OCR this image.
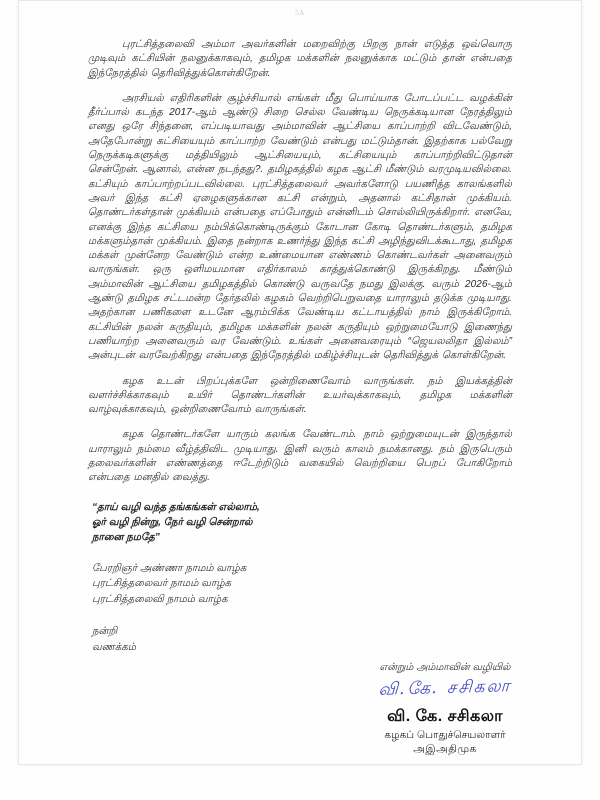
5A

புரட்சித்தலைவி அம்மா அவர்களின் மறைவிற்கு பிறகு நான் எடுத்த ஒவ்வொரு முடிவும் கட்சியின் நலனுக்காகவும், தமிழக மக்களின் நலனுக்காக மட்டும் தான் என்பதை இந்நேரத்தில் தெரிவித்துக்கொள்கிறேன்.

அரசியல் எதிரிகளின் சூழ்ச்சியால் எங்கள் மீது பொய்யாக போடப்பட்ட வழக்கின் தீர்ப்பால் கடந்த 2017-ஆம் ஆண்டு சிறை செல்ல வேண்டிய நெருக்கடியான நேரத்திலும் எனது ஒரே சிந்தனை, எப்படியாவது அம்மாவின் ஆட்சியை காப்பாற்றி விடவேண்டும், அதேபோன்று கட்சியையும் காப்பாற்ற வேண்டும் என்பது மட்டும்தான். இதற்காக பல்வேறு நெருக்கடிகளுக்கு மத்தியிலும் ஆட்சியையும், கட்சியையும் காப்பாற்றிவிட்டுதான் சென்றேன். ஆனால், என்ன நடந்தது?. தமிழகத்தில் கழக ஆட்சி மீண்டும் வரமுடியவில்லை. கட்சியும் காப்பாற்றப்படவில்லை. புரட்சித்தலைவர் அவர்களோடு பயணித்த காலங்களில் அவர் இந்த கட்சி ஏழைகளுக்கான கட்சி என்றும், அதனால் கட்சிதான் முக்கியம். தொண்டர்கள்தான் முக்கியம் என்பதை எப்போதும் என்னிடம் சொல்லியிருக்கிறார். எனவே, எனக்கு இந்த கட்சியை நம்பிக்கொண்டிருக்கும் கோடான கோடி தொண்டர்களும், தமிழக மக்களும்தான் முக்கியம். இதை நன்றாக உணர்ந்து இந்த கட்சி அழிந்துவிடக்கூடாது, தமிழக மக்கள் முன்னேற வேண்டும் என்ற உண்மையான எண்ணம் கொண்டவர்கள் அனைவரும் வாருங்கள். ஒரு ஒளிமயமான எதிர்காலம் காத்துக்கொண்டு இருக்கிறது. மீண்டும் அம்மாவின் ஆட்சியை தமிழகத்தில் கொண்டு வருவதே நமது இலக்கு. வரும் 2026-ஆம் ஆண்டு தமிழக சட்டமன்ற தேர்தலில் கழகம் வெற்றிபெறுவதை யாராலும் தடுக்க முடியாது. அதற்கான பணிகளை உடனே ஆரம்பிக்க வேண்டிய கட்டாயத்தில் நாம் இருக்கிறோம். கட்சியின் நலன் கருதியும், தமிழக மக்களின் நலன் கருதியும் ஒற்றுமையோடு இணைந்து பணியாற்ற அனைவரும் வர வேண்டும். உங்கள் அனைவரையும் “ஜெயலலிதா இல்லம்” அன்புடன் வரவேற்கிறது என்பதை இந்நேரத்தில் மகிழ்ச்சியுடன் தெரிவித்துக் கொள்கிறேன்.

கழக உடன் பிறப்புக்களே ஒன்றிணைவோம் வாருங்கள். நம் இயக்கத்தின் வளர்ச்சிக்காகவும் உயிர் தொண்டர்களின் உயர்வுக்காகவும், தமிழக மக்களின் வாழ்வுக்காகவும், ஒன்றிணைவோம் வாருங்கள்.

கழக தொண்டர்களே யாரும் கலங்க வேண்டாம். நாம் ஒற்றுமையுடன் இருந்தால் யாராலும் நம்மை வீழ்த்திவிட முடியாது. இனி வரும் காலம் நமக்கானது. நம் இருபெரும் தலைவர்களின் எண்ணத்தை ஈடேற்றிடும் வகையில் வெற்றியை பெறப் போகிறோம் என்பதை மனதில் வைத்து.

“தாய் வழி வந்த தங்கங்கள் எல்லாம்,
ஓர் வழி நின்று, நேர் வழி சென்றால்
நானை நமதே”
பேரறிஞர் அண்ணா நாமம் வாழ்க
புரட்சித்தலைவர் நாமம் வாழ்க
புரட்சித்தலைவி நாமம் வாழ்க
நன்றி
வணக்கம்
என்றும் அம்மாவின் வழியில்
வி.கே. சசிகலா
வி. கே. சசிகலா
கழகப் பொதுச்செயலாளர்
அஇஅதிமுக
